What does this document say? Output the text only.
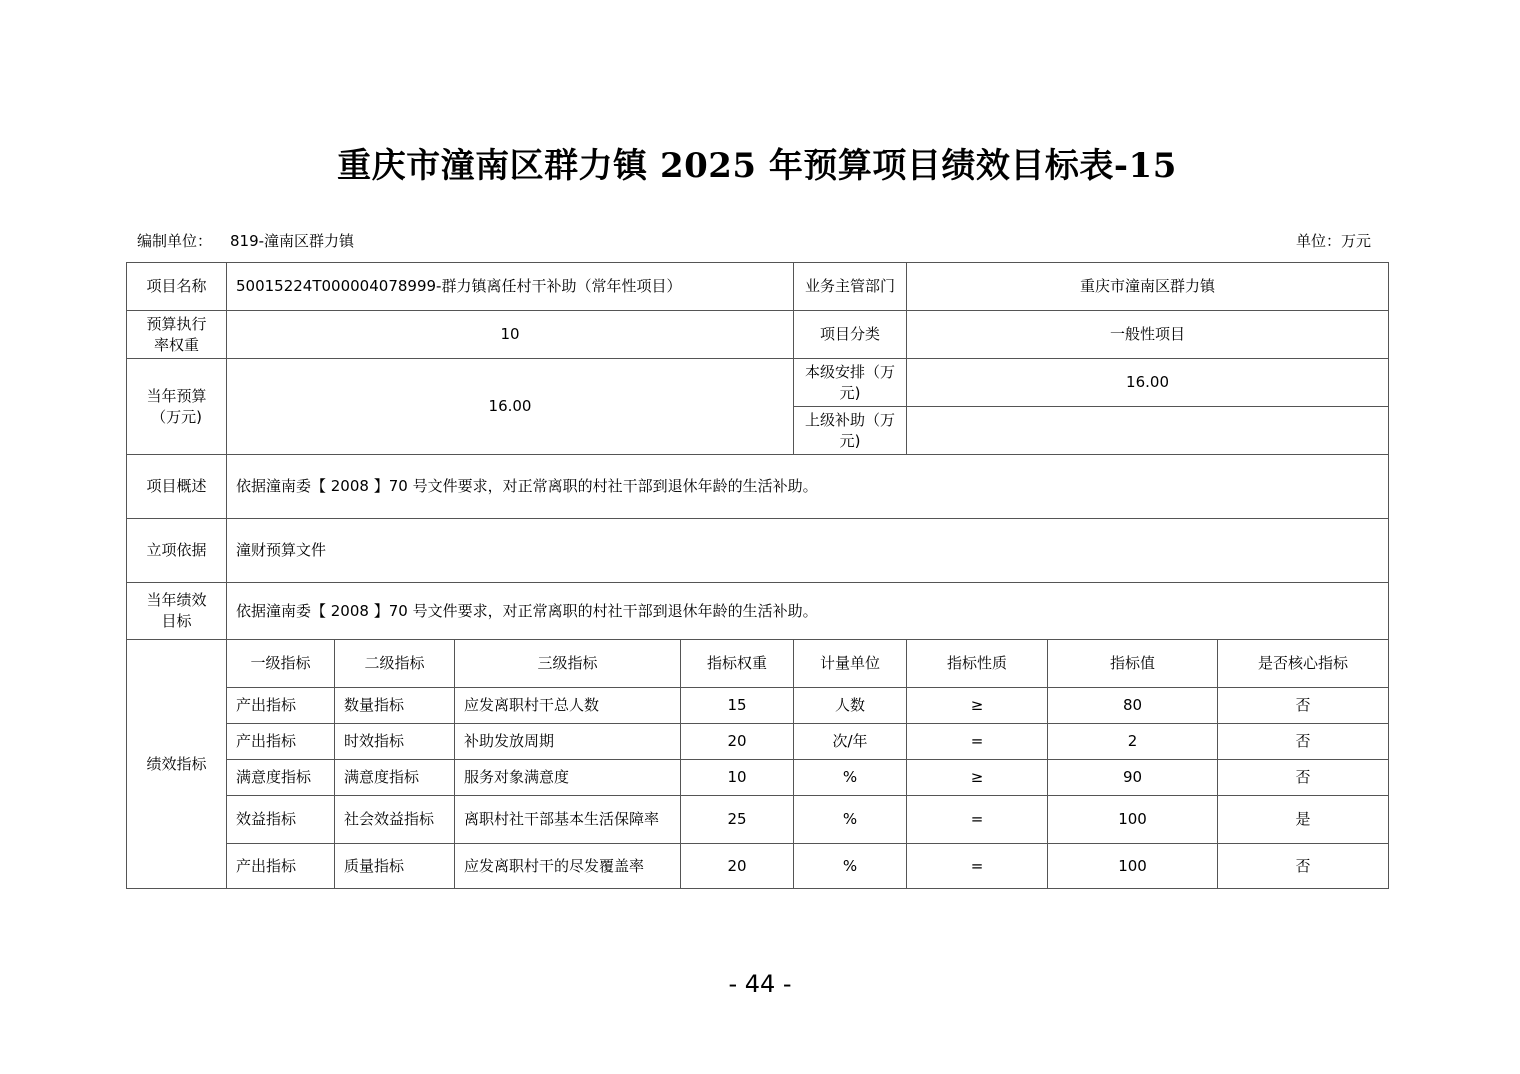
重庆市潼南区群力镇 2025 年预算项目绩效目标表-15
编制单位： 819-潼南区群力镇	单位：万元
项目名称	50015224T000004078999-群力镇离任村干补助（常年性项目）				业务主管部门	重庆市潼南区群力镇		
预算执行率权重	10				项目分类	一般性项目		
当年预算（万元)	16.00				本级安排（万元)	16.00		
					上级补助（万元)			
项目概述	依据潼南委【 2008 】70 号文件要求，对正常离职的村社干部到退休年龄的生活补助。							
立项依据	潼财预算文件							
当年绩效目标	依据潼南委【 2008 】70 号文件要求，对正常离职的村社干部到退休年龄的生活补助。							
绩效指标	一级指标	二级指标	三级指标	指标权重	计量单位	指标性质	指标值	是否核心指标
	产出指标	数量指标	应发离职村干总人数	15	人数	≥	80	否
	产出指标	时效指标	补助发放周期	20	次/年	=	2	否
	满意度指标	满意度指标	服务对象满意度	10	%	≥	90	否
	效益指标	社会效益指标	离职村社干部基本生活保障率	25	%	=	100	是
	产出指标	质量指标	应发离职村干的尽发覆盖率	20	%	=	100	否
- 44 -
